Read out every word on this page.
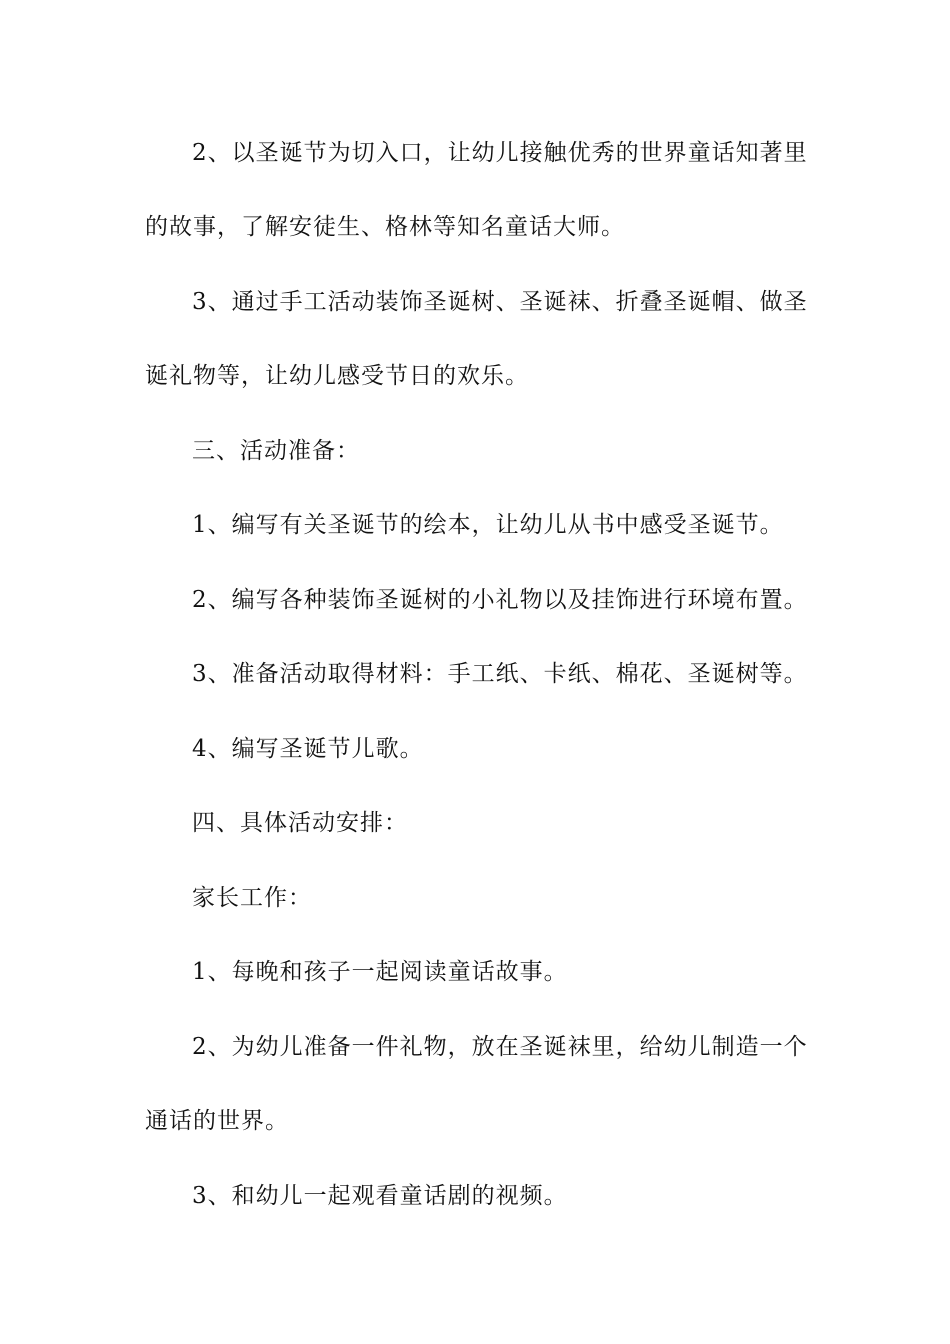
2、以圣诞节为切入口，让幼儿接触优秀的世界童话知著里
的故事，了解安徒生、格林等知名童话大师。
3、通过手工活动装饰圣诞树、圣诞袜、折叠圣诞帽、做圣
诞礼物等，让幼儿感受节日的欢乐。
三、活动准备：
1、编写有关圣诞节的绘本，让幼儿从书中感受圣诞节。
2、编写各种装饰圣诞树的小礼物以及挂饰进行环境布置。
3、准备活动取得材料：手工纸、卡纸、棉花、圣诞树等。
4、编写圣诞节儿歌。
四、具体活动安排：
家长工作：
1、每晚和孩子一起阅读童话故事。
2、为幼儿准备一件礼物，放在圣诞袜里，给幼儿制造一个
通话的世界。
3、和幼儿一起观看童话剧的视频。
